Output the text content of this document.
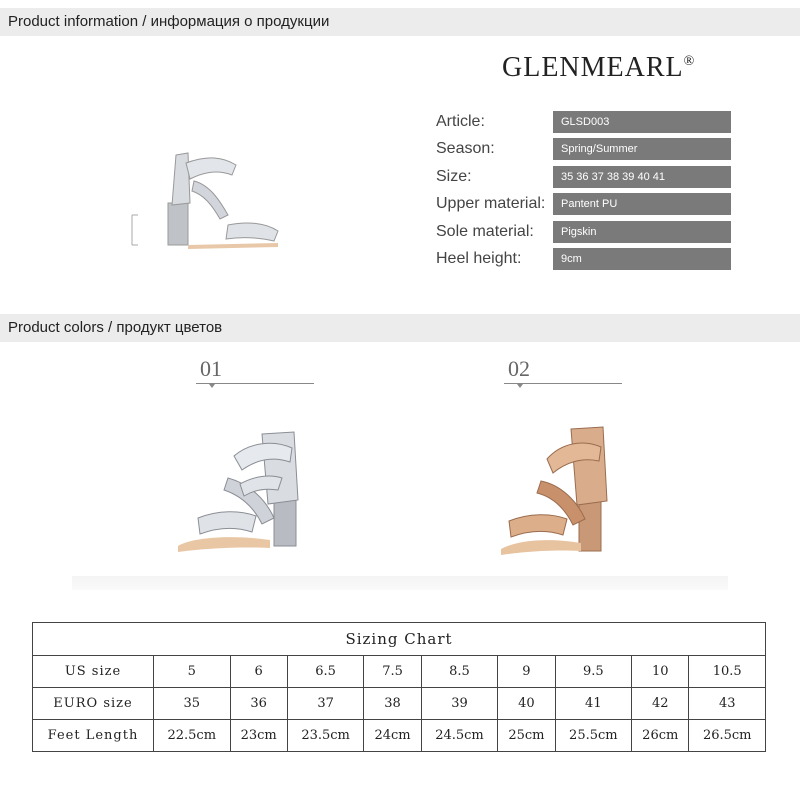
Product information / информация о продукции
GLENMEARL®
Article:	GLSD003
Season:	Spring/Summer
Size:	35 36 37 38 39 40 41
Upper material:	Pantent PU
Sole material:	Pigskin
Heel height:	9cm
Product colors / продукт цветов
01	02
Sizing Chart									
US size	5	6	6.5	7.5	8.5	9	9.5	10	10.5
EURO size	35	36	37	38	39	40	41	42	43
Feet Length	22.5cm	23cm	23.5cm	24cm	24.5cm	25cm	25.5cm	26cm	26.5cm
